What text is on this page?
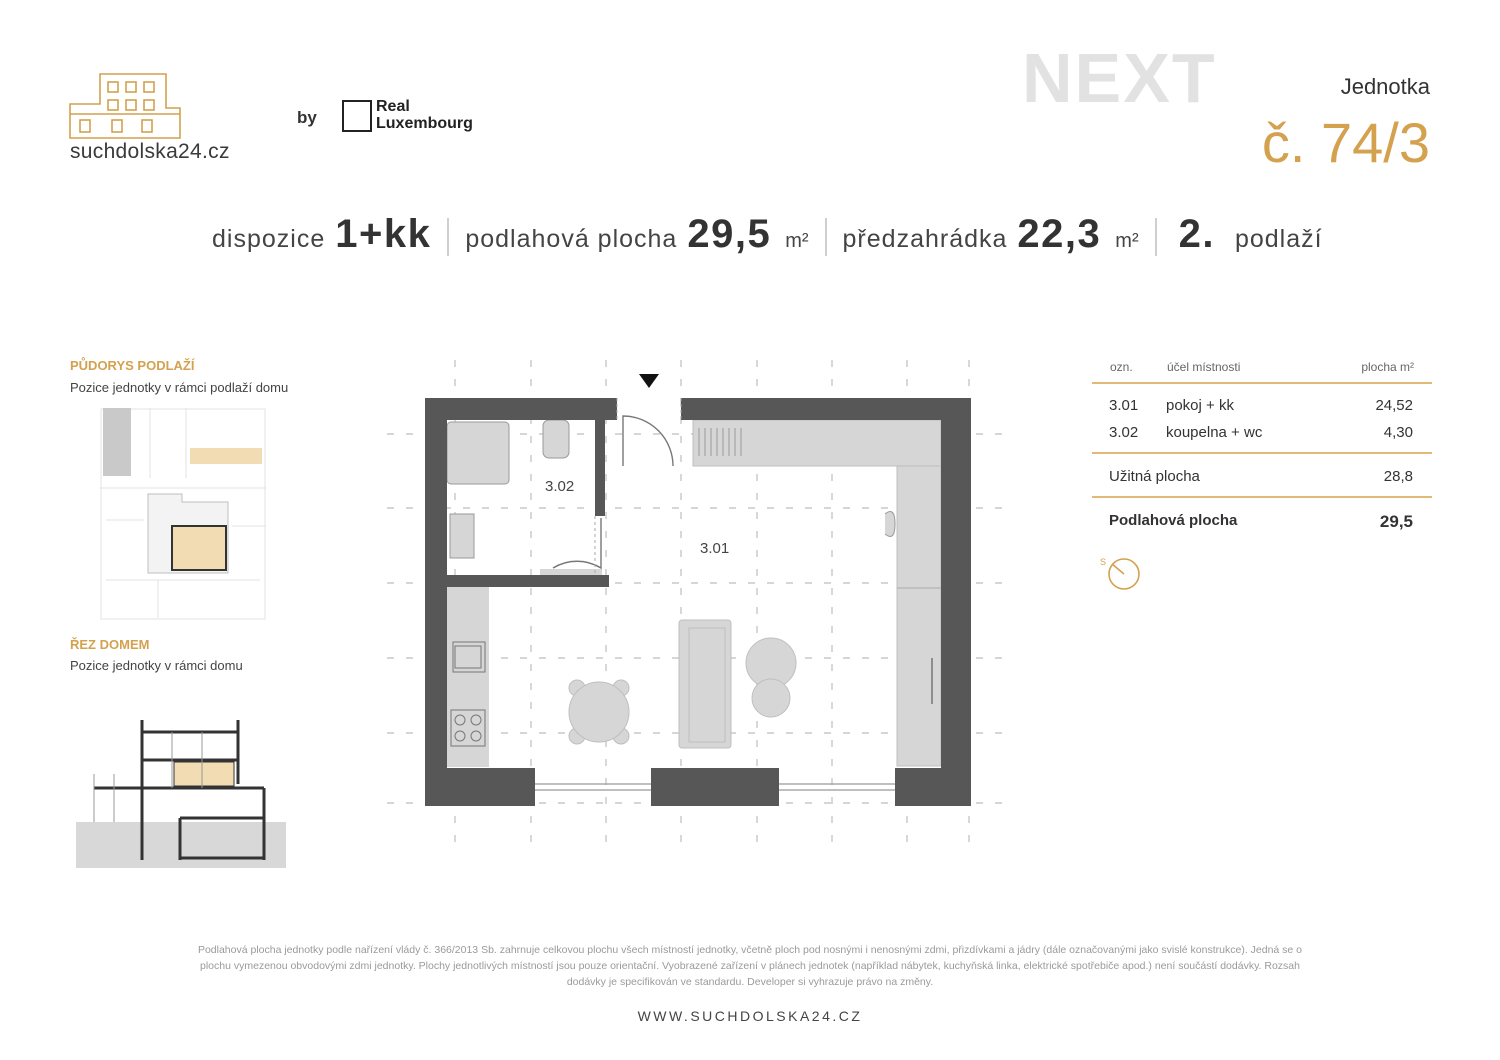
suchdolska24.cz
by
Real
Luxembourg
NEXT	Jednotka
č. 74/3
dispozice 1+kk podlahová plocha 29,5 m² předzahrádka 22,3 m² 2. podlaží
PŮDORYS PODLAŽÍ
Pozice jednotky v rámci podlaží domu
ŘEZ DOMEM
Pozice jednotky v rámci domu
3.02
3.01
ozn.	účel místnosti	plocha m²
3.01	pokoj + kk	24,52
3.02	koupelna + wc	4,30
Užitná plocha	28,8
Podlahová plocha	29,5
S
Podlahová plocha jednotky podle nařízení vlády č. 366/2013 Sb. zahrnuje celkovou plochu všech místností jednotky, včetně ploch pod nosnými i nenosnými zdmi, přizdívkami a jádry (dále označovanými jako svislé konstrukce). Jedná se o
plochu vymezenou obvodovými zdmi jednotky. Plochy jednotlivých místností jsou pouze orientační. Vyobrazené zařízení v plánech jednotek (například nábytek, kuchyňská linka, elektrické spotřebiče apod.) není součástí dodávky. Rozsah
dodávky je specifikován ve standardu. Developer si vyhrazuje právo na změny.
WWW.SUCHDOLSKA24.CZ
